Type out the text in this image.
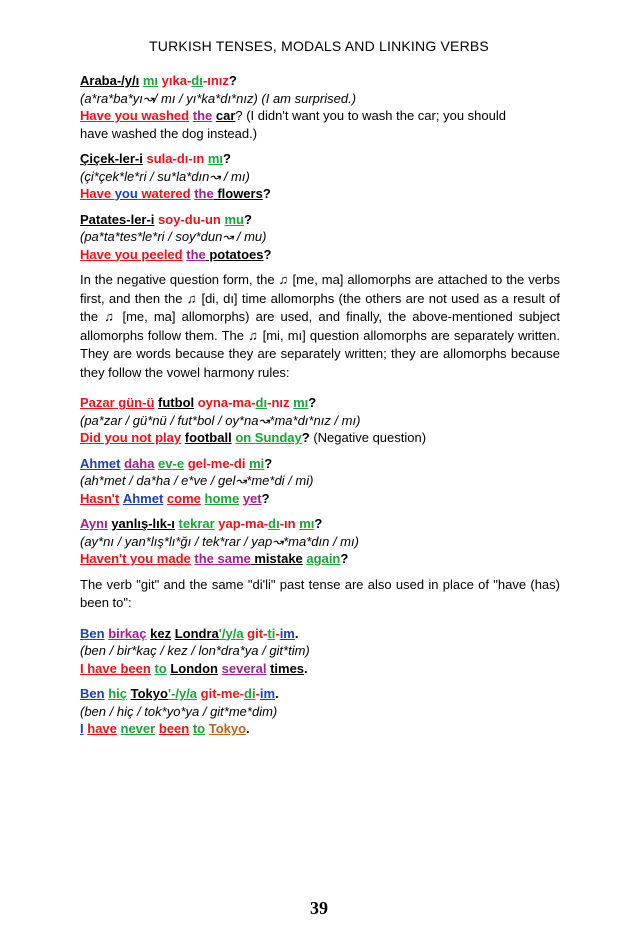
TURKISH TENSES, MODALS AND LINKING VERBS
Araba-/y/ı mı yıka-dı-ınız?
(a*ra*ba*yı↝/ mı / yı*ka*dı*nız) (I am surprised.)
Have you washed the car? (I didn't want you to wash the car; you should
have washed the dog instead.)
Çiçek-ler-i sula-dı-ın mı?
(çi*çek*le*ri / su*la*dın↝ / mı)
Have you watered the flowers?
Patates-ler-i soy-du-un mu?
(pa*ta*tes*le*ri / soy*dun↝ / mu)
Have you peeled the potatoes?

In the negative question form, the ♫ [me, ma] allomorphs are attached to the verbs first, and then the ♫ [di, dı] time allomorphs (the others are not used as a result of the ♫ [me, ma] allomorphs) are used, and finally, the above-mentioned subject allomorphs follow them. The ♫ [mi, mı] question allomorphs are separately written. They are words because they are separately written; they are allomorphs because they follow the vowel harmony rules:

Pazar gün-ü futbol oyna-ma-dı-nız mı?
(pa*zar / gü*nü / fut*bol / oy*na↝*ma*dı*nız / mı)
Did you not play football on Sunday? (Negative question)
Ahmet daha ev-e gel-me-di mi?
(ah*met / da*ha / e*ve / gel↝*me*di / mi)
Hasn't Ahmet come home yet?
Aynı yanlış-lık-ı tekrar yap-ma-dı-ın mı?
(ay*nı / yan*lış*lı*ğı / tek*rar / yap↝*ma*dın / mı)
Haven't you made the same mistake again?

The verb "git" and the same "di'li" past tense are also used in place of "have (has) been to":

Ben birkaç kez Londra'/y/a git-ti-im.
(ben / bir*kaç / kez / lon*dra*ya / git*tim)
I have been to London several times.
Ben hiç Tokyo'-/y/a git-me-di-im.
(ben / hiç / tok*yo*ya / git*me*dim)
I have never been to Tokyo.
39
